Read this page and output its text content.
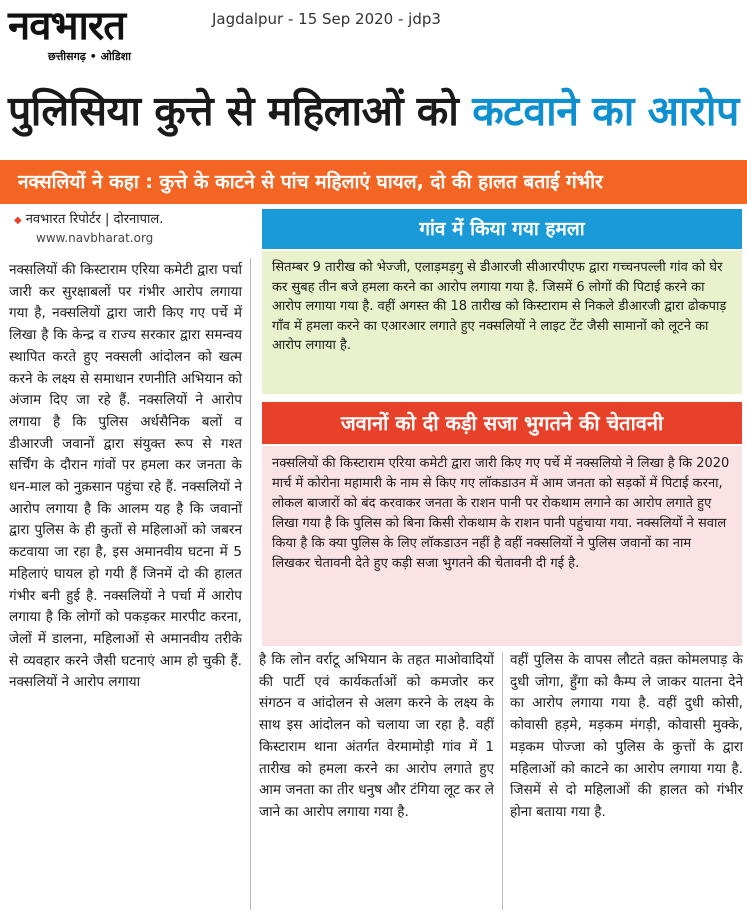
नवभारत
छत्तीसगढ़ • ओडिशा
Jagdalpur - 15 Sep 2020 - jdp3
पुलिसिया कुत्ते से महिलाओं को कटवाने का आरोप
नक्सलियों ने कहा : कुत्ते के काटने से पांच महिलाएं घायल, दो की हालत बताई गंभीर
◆ नवभारत रिपोर्टर | दोरनापाल.
www.navbharat.org
नक्सलियों की किस्टाराम एरिया कमेटी द्वारा पर्चा जारी कर सुरक्षाबलों पर गंभीर आरोप लगाया गया है, नक्सलियों द्वारा जारी किए गए पर्चे में लिखा है कि केन्द्र व राज्य सरकार द्वारा समन्वय स्थापित करते हुए नक्सली आंदोलन को खत्म करने के लक्ष्य से समाधान रणनीति अभियान को अंजाम दिए जा रहे हैं. नक्सलियों ने आरोप लगाया है कि पुलिस अर्धसैनिक बलों व डीआरजी जवानों द्वारा संयुक्त रूप से गश्त सर्चिंग के दौरान गांवों पर हमला कर जनता के धन-माल को नुक़सान पहुंचा रहे हैं. नक्सलियों ने आरोप लगाया है कि आलम यह है कि जवानों द्वारा पुलिस के ही कुतों से महिलाओं को जबरन कटवाया जा रहा है, इस अमानवीय घटना में 5 महिलाएं घायल हो गयी हैं जिनमें दो की हालत गंभीर बनी हुई है. नक्सलियों ने पर्चा में आरोप लगाया है कि लोगों को पकड़कर मारपीट करना, जेलों में डालना, महिलाओं से अमानवीय तरीके से व्यवहार करने जैसी घटनाएं आम हो चुकी हैं. नक्सलियों ने आरोप लगाया
गांव में किया गया हमला
सितम्बर 9 तारीख को भेज्जी, एलाड़मड़गु से डीआरजी सीआरपीएफ द्वारा गच्चनपल्ली गांव को घेर कर सुबह तीन बजे हमला करने का आरोप लगाया गया है. जिसमें 6 लोगों की पिटाई करने का आरोप लगाया गया है. वहीं अगस्त की 18 तारीख को किस्टाराम से निकले डीआरजी द्वारा ढोकपाड़ गाँव में हमला करने का एआरआर लगाते हुए नक्सलियों ने लाइट टेंट जैसी सामानों को लूटने का आरोप लगाया है.
जवानों को दी कड़ी सजा भुगतने की चेतावनी
नक्सलियों की किस्टाराम एरिया कमेटी द्वारा जारी किए गए पर्चे में नक्सलियो ने लिखा है कि 2020 मार्च में कोरोना महामारी के नाम से किए गए लॉकडाउन में आम जनता को सड़कों में पिटाई करना, लोकल बाजारों को बंद करवाकर जनता के राशन पानी पर रोकथाम लगाने का आरोप लगाते हुए लिखा गया है कि पुलिस को बिना किसी रोकथाम के राशन पानी पहुंचाया गया. नक्सलियों ने सवाल किया है कि क्या पुलिस के लिए लॉकडाउन नहीं है वहीं नक्सलियों ने पुलिस जवानों का नाम लिखकर चेतावनी देते हुए कड़ी सजा भुगतने की चेतावनी दी गई है.
है कि लोन वर्राटू अभियान के तहत माओवादियों की पार्टी एवं कार्यकर्ताओं को कमजोर कर संगठन व आंदोलन से अलग करने के लक्ष्य के साथ इस आंदोलन को चलाया जा रहा है. वहीं किस्टाराम थाना अंतर्गत वेरमामोड़ी गांव में 1 तारीख को हमला करने का आरोप लगाते हुए आम जनता का तीर धनुष और टंगिया लूट कर ले जाने का आरोप लगाया गया है.
वहीं पुलिस के वापस लौटते वक़्त कोमलपाड़ के दुधी जोगा, हुँगा को कैम्प ले जाकर यातना देने का आरोप लगाया गया है. वहीं दुधी कोसी, कोवासी हड़मे, मड़कम मंगड़ी, कोवासी मुक्के, मड़कम पोज्जा को पुलिस के कुत्तों के द्वारा महिलाओं को काटने का आरोप लगाया गया है. जिसमें से दो महिलाओं की हालत को गंभीर होना बताया गया है.
